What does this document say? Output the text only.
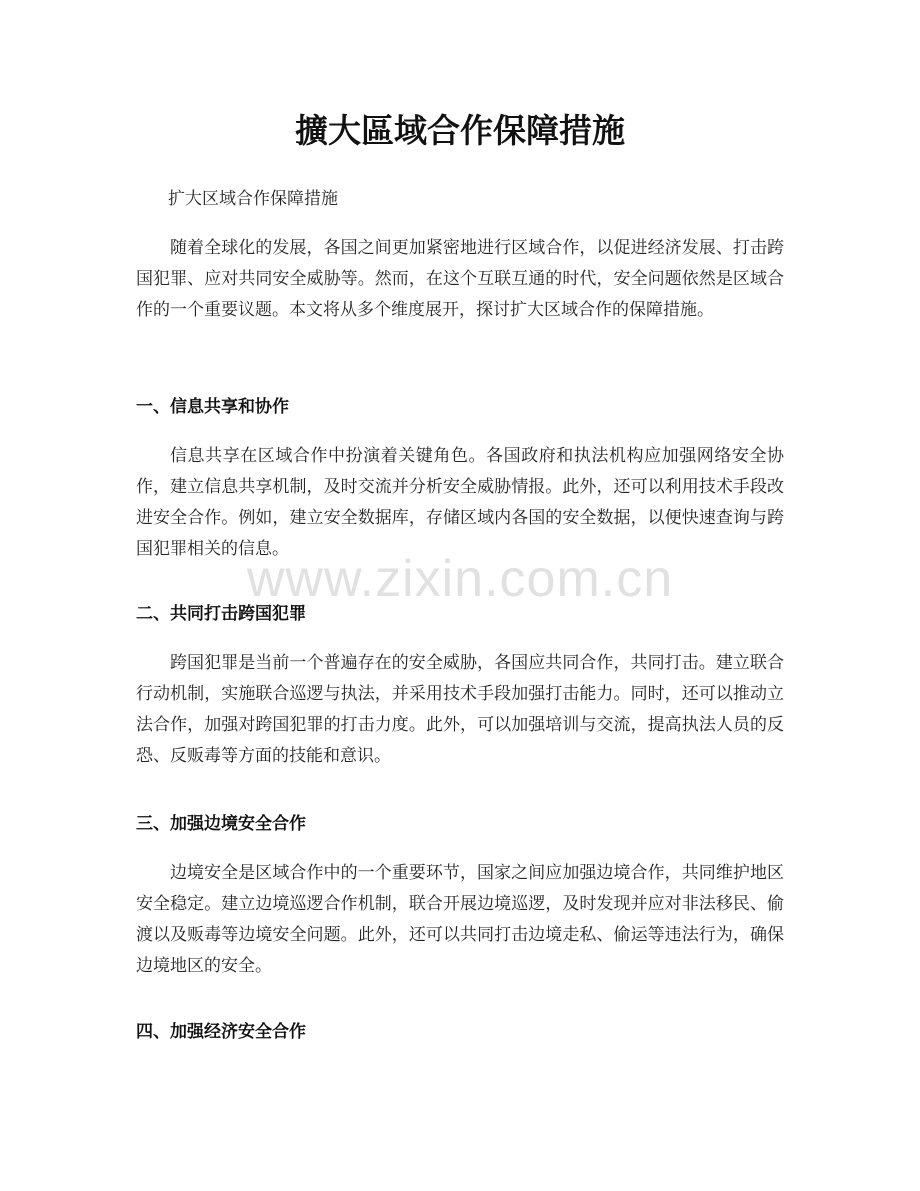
擴大區域合作保障措施

扩大区域合作保障措施

随着全球化的发展，各国之间更加紧密地进行区域合作，以促进经济发展、打击跨国犯罪、应对共同安全威胁等。然而，在这个互联互通的时代，安全问题依然是区域合作的一个重要议题。本文将从多个维度展开，探讨扩大区域合作的保障措施。

一、信息共享和协作

信息共享在区域合作中扮演着关键角色。各国政府和执法机构应加强网络安全协作，建立信息共享机制，及时交流并分析安全威胁情报。此外，还可以利用技术手段改进安全合作。例如，建立安全数据库，存储区域内各国的安全数据，以便快速查询与跨国犯罪相关的信息。

二、共同打击跨国犯罪

跨国犯罪是当前一个普遍存在的安全威胁，各国应共同合作，共同打击。建立联合行动机制，实施联合巡逻与执法，并采用技术手段加强打击能力。同时，还可以推动立法合作，加强对跨国犯罪的打击力度。此外，可以加强培训与交流，提高执法人员的反恐、反贩毒等方面的技能和意识。

三、加强边境安全合作

边境安全是区域合作中的一个重要环节，国家之间应加强边境合作，共同维护地区安全稳定。建立边境巡逻合作机制，联合开展边境巡逻，及时发现并应对非法移民、偷渡以及贩毒等边境安全问题。此外，还可以共同打击边境走私、偷运等违法行为，确保边境地区的安全。

四、加强经济安全合作
www.zixin.com.cn
